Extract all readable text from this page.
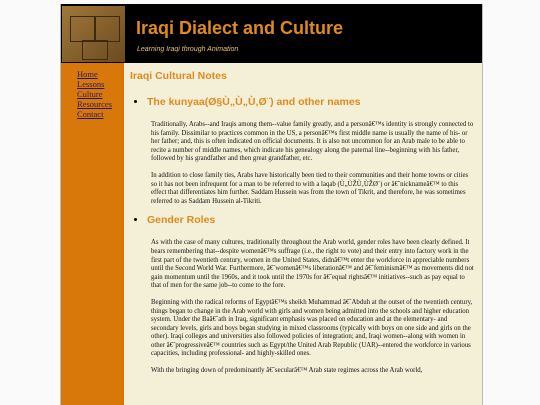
Iraqi Dialect and Culture
Learning Iraqi through Animation
Home
Lessons
Culture
Resources
Contact
Iraqi Cultural Notes
The kunyaa(Ø§Ù„Ù„Ù‚Ø¨) and other names

Traditionally, Arabs--and Iraqis among them--value family greatly, and a personâ€™s identity is strongly connected to his family. Dissimilar to practices common in the US, a personâ€™s first middle name is usually the name of his- or her father; and, this is often indicated on official documents. It is also not uncommon for an Arab male to be able to recite a number of middle names, which indicate his genealogy along the paternal line--beginning with his father, followed by his grandfather and then great grandfather, etc.

In addition to close family ties, Arabs have historically been tied to their communities and their home towns or cities so it has not been infrequent for a man to be referred to with a laqab (Ù„ÙŽÙ‚ÙŽØ¨) or â€˜nicknameâ€™ to this effect that differentiates him further. Saddam Hussein was from the town of Tikrit, and therefore, he was sometimes referred to as Saddam Hussein al-Tikriti.

Gender Roles

As with the case of many cultures, traditionally throughout the Arab world, gender roles have been clearly defined. It bears remembering that--despite womenâ€™s suffrage (i.e., the right to vote) and their entry into factory work in the first part of the twentieth century, women in the United States, didnâ€™t enter the workforce in appreciable numbers until the Second World War. Furthermore, â€˜womenâ€™s liberationâ€™ and â€˜feminismâ€™ as movements did not gain momentum until the 1960s, and it took until the 1970s for â€˜equal rightsâ€™ initiatives--such as pay equal to that of men for the same job--to come to the fore.

Beginning with the radical reforms of Egyptâ€™s sheikh Muhammad â€˜Abduh at the outset of the twentieth century, things began to change in the Arab world with girls and women being admitted into the schools and higher education system. Under the Baâ€˜ath in Iraq, significant emphasis was placed on education and at the elementary- and secondary levels, girls and boys began studying in mixed classrooms (typically with boys on one side and girls on the other). Iraqi colleges and universities also followed policies of integration; and, Iraqi women--along with women in other â€˜progressiveâ€™ countries such as Egypt/the United Arab Republic (UAR)--entered the workforce in various capacities, including professional- and highly-skilled ones.

With the bringing down of predominantly â€˜secularâ€™ Arab state regimes across the Arab world,
